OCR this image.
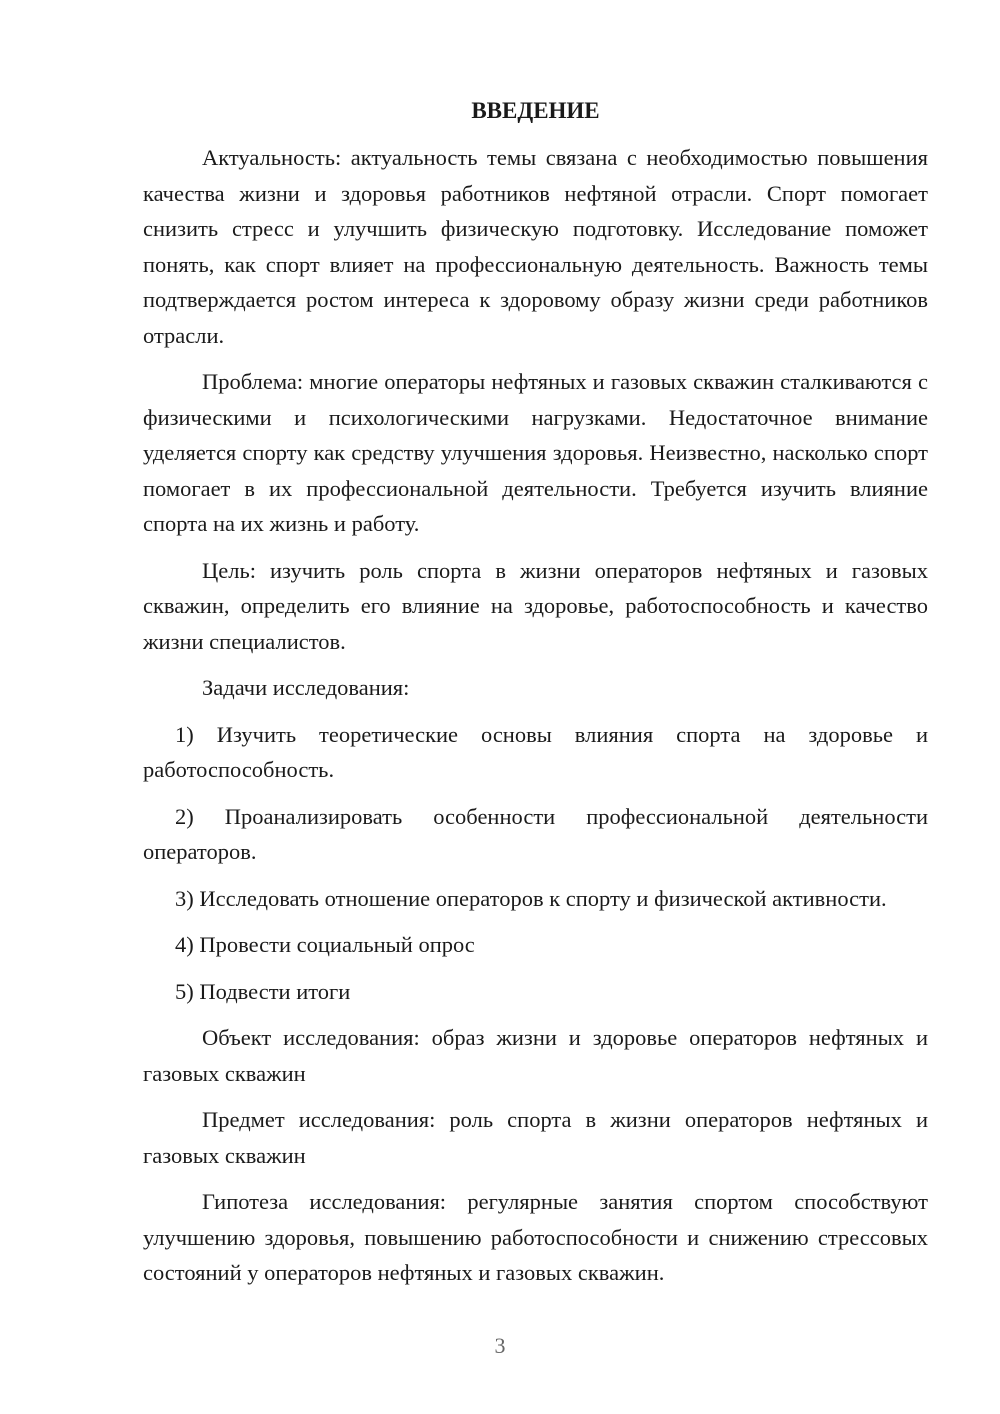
ВВЕДЕНИЕ

Актуальность: актуальность темы связана с необходимостью повышения качества жизни и здоровья работников нефтяной отрасли. Спорт помогает снизить стресс и улучшить физическую подготовку. Исследование поможет понять, как спорт влияет на профессиональную деятельность. Важность темы подтверждается ростом интереса к здоровому образу жизни среди работников отрасли.

Проблема: многие операторы нефтяных и газовых скважин сталкиваются с физическими и психологическими нагрузками. Недостаточное внимание уделяется спорту как средству улучшения здоровья. Неизвестно, насколько спорт помогает в их профессиональной деятельности. Требуется изучить влияние спорта на их жизнь и работу.

Цель: изучить роль спорта в жизни операторов нефтяных и газовых скважин, определить его влияние на здоровье, работоспособность и качество жизни специалистов.

Задачи исследования:

1) Изучить теоретические основы влияния спорта на здоровье и работоспособность.

2) Проанализировать особенности профессиональной деятельности операторов.

3) Исследовать отношение операторов к спорту и физической активности.

4) Провести социальный опрос

5) Подвести итоги

Объект исследования: образ жизни и здоровье операторов нефтяных и газовых скважин

Предмет исследования: роль спорта в жизни операторов нефтяных и газовых скважин

Гипотеза исследования: регулярные занятия спортом способствуют улучшению здоровья, повышению работоспособности и снижению стрессовых состояний у операторов нефтяных и газовых скважин.

3
